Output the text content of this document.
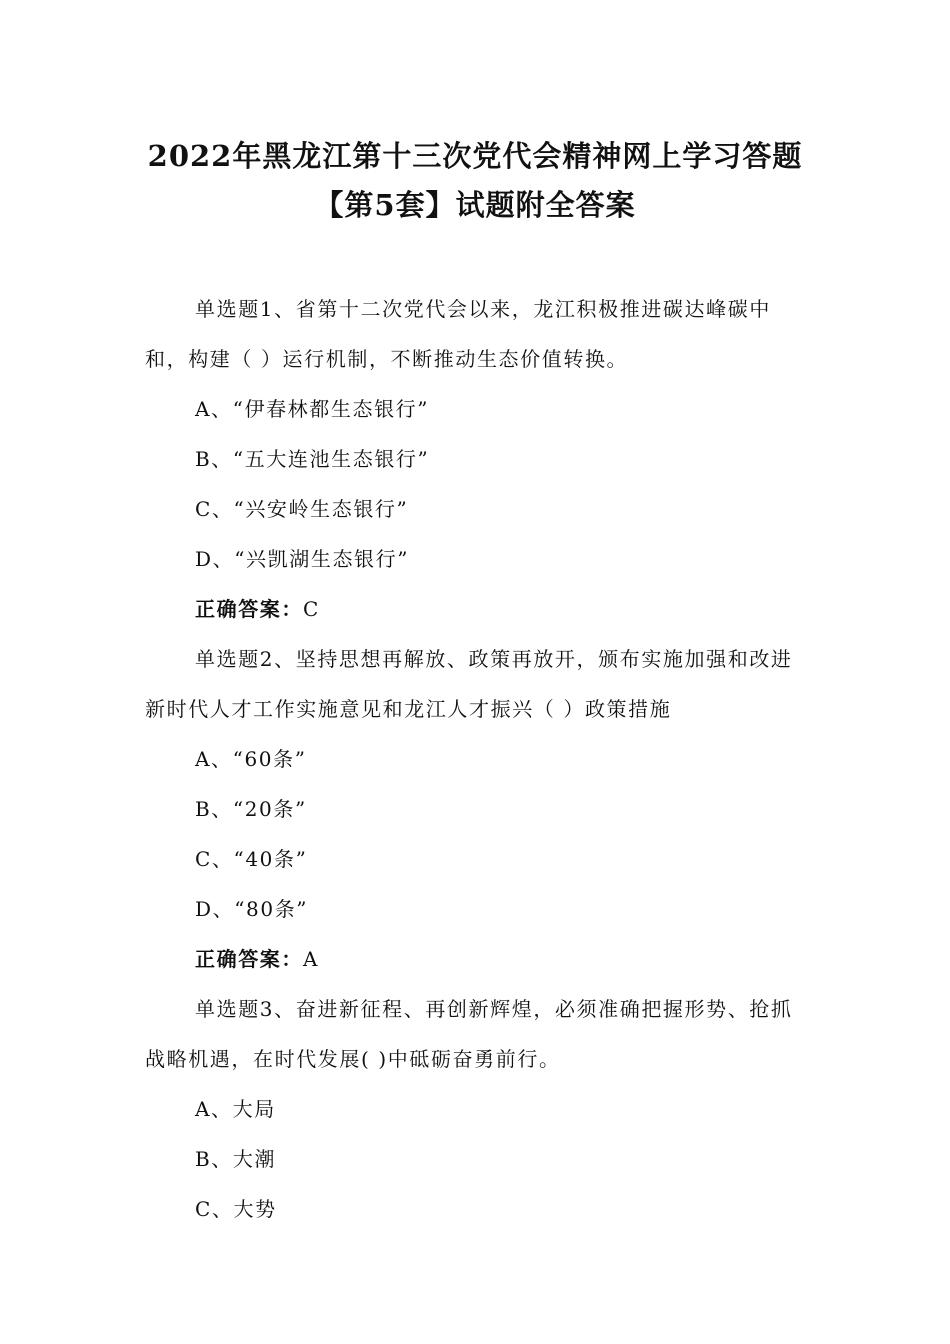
2022年黑龙江第十三次党代会精神网上学习答题
【第5套】试题附全答案

单选题1、省第十二次党代会以来，龙江积极推进碳达峰碳中和，构建（ ）运行机制，不断推动生态价值转换。

A、“伊春林都生态银行”

B、“五大连池生态银行”

C、“兴安岭生态银行”

D、“兴凯湖生态银行”

正确答案：C

单选题2、坚持思想再解放、政策再放开，颁布实施加强和改进新时代人才工作实施意见和龙江人才振兴（ ）政策措施

A、“60条”

B、“20条”

C、“40条”

D、“80条”

正确答案：A

单选题3、奋进新征程、再创新辉煌，必须准确把握形势、抢抓战略机遇，在时代发展( )中砥砺奋勇前行。

A、大局

B、大潮

C、大势
